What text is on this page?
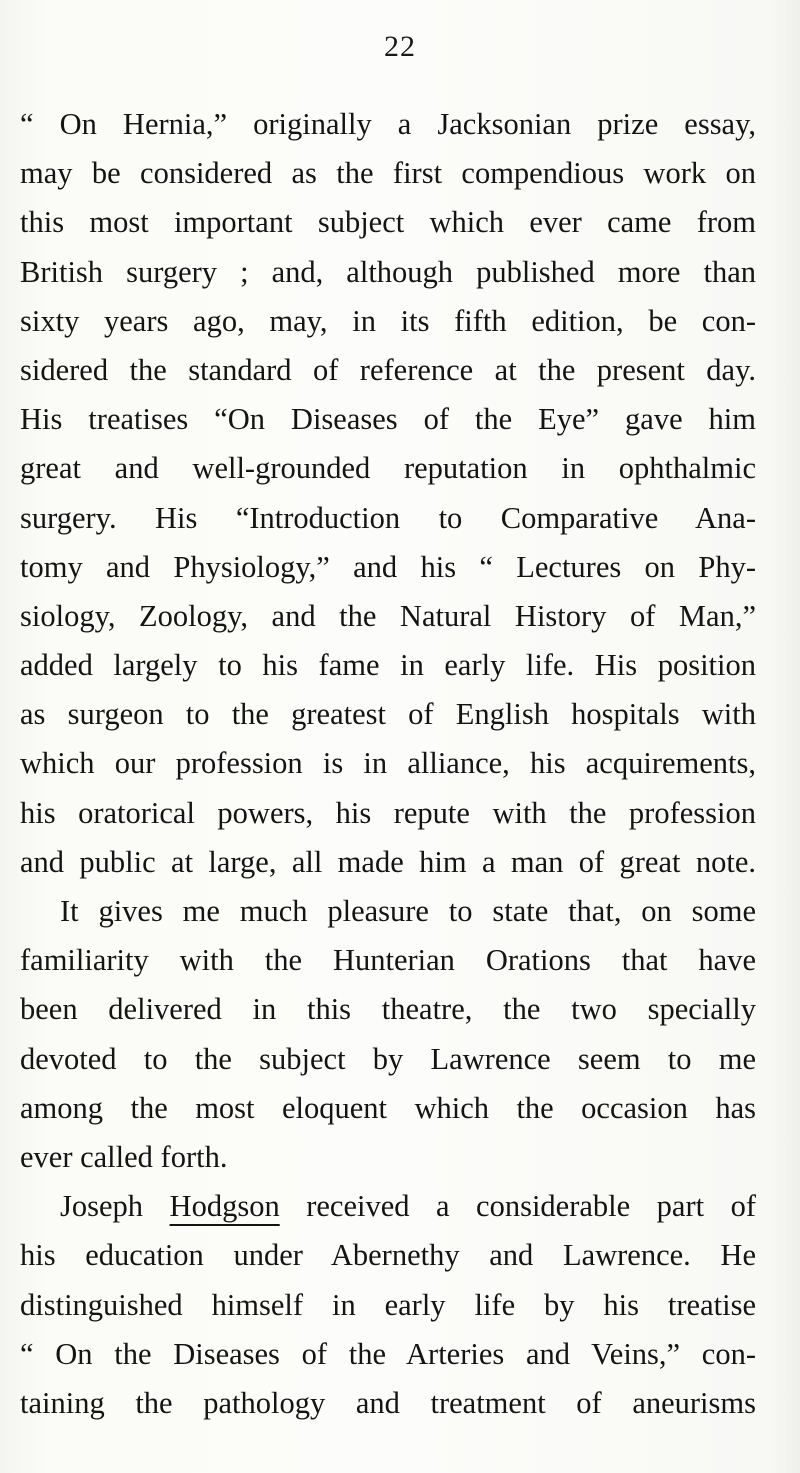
22
“ On Hernia,” originally a Jacksonian prize essay,
may be considered as the first compendious work on
this most important subject which ever came from
British surgery ; and, although published more than
sixty years ago, may, in its fifth edition, be con-
sidered the standard of reference at the present day.
His treatises “On Diseases of the Eye” gave him
great and well-grounded reputation in ophthalmic
surgery. His “Introduction to Comparative Ana-
tomy and Physiology,” and his “ Lectures on Phy-
siology, Zoology, and the Natural History of Man,”
added largely to his fame in early life. His position
as surgeon to the greatest of English hospitals with
which our profession is in alliance, his acquirements,
his oratorical powers, his repute with the profession
and public at large, all made him a man of great note.
It gives me much pleasure to state that, on some
familiarity with the Hunterian Orations that have
been delivered in this theatre, the two specially
devoted to the subject by Lawrence seem to me
among the most eloquent which the occasion has
ever called forth.
Joseph Hodgson received a considerable part of
his education under Abernethy and Lawrence. He
distinguished himself in early life by his treatise
“ On the Diseases of the Arteries and Veins,” con-
taining the pathology and treatment of aneurisms
